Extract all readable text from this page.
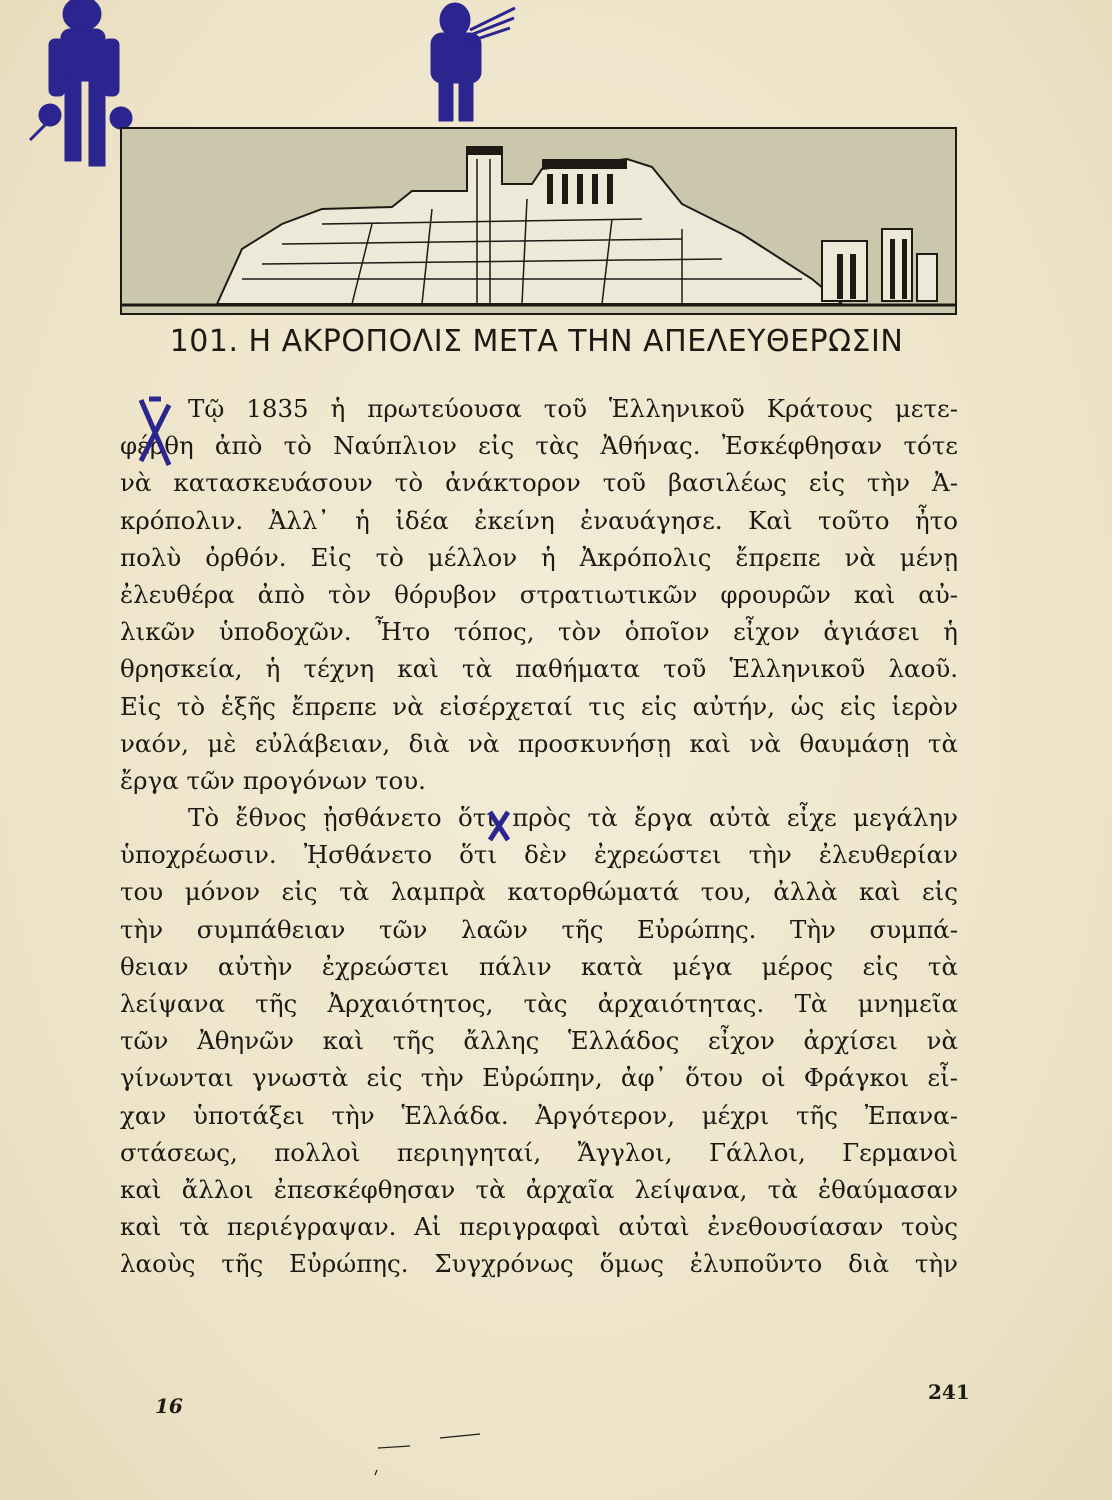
101. Η ΑΚΡΟΠΟΛΙΣ ΜΕΤΑ ΤΗΝ ΑΠΕΛΕΥΘΕΡΩΣΙΝ
Τῷ 1835 ἡ πρωτεύουσα τοῦ Ἑλληνικοῦ Κράτους μετε-
φέρθη ἀπὸ τὸ Ναύπλιον εἰς τὰς Ἀθήνας. Ἐσκέφθησαν τότε
νὰ κατασκευάσουν τὸ ἀνάκτορον τοῦ βασιλέως εἰς τὴν Ἀ-
κρόπολιν. Ἀλλ᾽ ἡ ἰδέα ἐκείνη ἐναυάγησε. Καὶ τοῦτο ἦτο
πολὺ ὀρθόν. Εἰς τὸ μέλλον ἡ Ἀκρόπολις ἔπρεπε νὰ μένῃ
ἐλευθέρα ἀπὸ τὸν θόρυβον στρατιωτικῶν φρουρῶν καὶ αὐ-
λικῶν ὑποδοχῶν. Ἦτο τόπος, τὸν ὁποῖον εἶχον ἁγιάσει ἡ
θρησκεία, ἡ τέχνη καὶ τὰ παθήματα τοῦ Ἑλληνικοῦ λαοῦ.
Εἰς τὸ ἑξῆς ἔπρεπε νὰ εἰσέρχεταί τις εἰς αὐτήν, ὡς εἰς ἱερὸν
ναόν, μὲ εὐλάβειαν, διὰ νὰ προσκυνήσῃ καὶ νὰ θαυμάσῃ τὰ
ἔργα τῶν προγόνων του.
Τὸ ἔθνος ᾐσθάνετο ὅτι πρὸς τὰ ἔργα αὐτὰ εἶχε μεγάλην
ὑποχρέωσιν. ᾘσθάνετο ὅτι δὲν ἐχρεώστει τὴν ἐλευθερίαν
του μόνον εἰς τὰ λαμπρὰ κατορθώματά του, ἀλλὰ καὶ εἰς
τὴν συμπάθειαν τῶν λαῶν τῆς Εὐρώπης. Τὴν συμπά-
θειαν αὐτὴν ἐχρεώστει πάλιν κατὰ μέγα μέρος εἰς τὰ
λείψανα τῆς Ἀρχαιότητος, τὰς ἀρχαιότητας. Τὰ μνημεῖα
τῶν Ἀθηνῶν καὶ τῆς ἄλλης Ἑλλάδος εἶχον ἀρχίσει νὰ
γίνωνται γνωστὰ εἰς τὴν Εὐρώπην, ἀφ᾽ ὅτου οἱ Φράγκοι εἶ-
χαν ὑποτάξει τὴν Ἑλλάδα. Ἀργότερον, μέχρι τῆς Ἐπανα-
στάσεως, πολλοὶ περιηγηταί, Ἄγγλοι, Γάλλοι, Γερμανοὶ
καὶ ἄλλοι ἐπεσκέφθησαν τὰ ἀρχαῖα λείψανα, τὰ ἐθαύμασαν
καὶ τὰ περιέγραψαν. Αἱ περιγραφαὶ αὐταὶ ἐνεθουσίασαν τοὺς
λαοὺς τῆς Εὐρώπης. Συγχρόνως ὅμως ἐλυποῦντο διὰ τὴν
16
241
